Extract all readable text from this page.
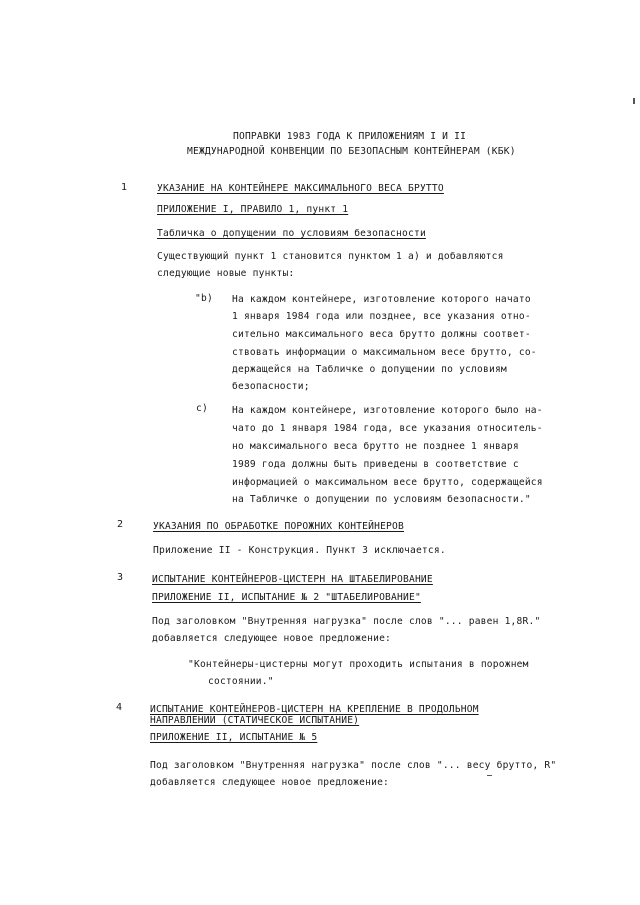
ПОПРАВКИ 1983 ГОДА К ПРИЛОЖЕНИЯМ I И II
МЕЖДУНАРОДНОЙ КОНВЕНЦИИ ПО БЕЗОПАСНЫМ КОНТЕЙНЕРАМ (КБК)
1	УКАЗАНИЕ НА КОНТЕЙНЕРЕ МАКСИМАЛЬНОГО ВЕСА БРУТТО
ПРИЛОЖЕНИЕ I, ПРАВИЛО 1, пункт 1
Табличка о допущении по условиям безопасности
Существующий пункт 1 становится пунктом 1 а) и добавляются
следующие новые пункты:
"b) На каждом контейнере, изготовление которого начато
1 января 1984 года или позднее, все указания отно-
сительно максимального веса брутто должны соответ-
ствовать информации о максимальном весе брутто, со-
держащейся на Табличке о допущении по условиям
безопасности;
c)	На каждом контейнере, изготовление которого было на-
чато до 1 января 1984 года, все указания относитель-
но максимального веса брутто не позднее 1 января
1989 года должны быть приведены в соответствие с
информацией о максимальном весе брутто, содержащейся
на Табличке о допущении по условиям безопасности."
2	УКАЗАНИЯ ПО ОБРАБОТКЕ ПОРОЖНИХ КОНТЕЙНЕРОВ
Приложение II - Конструкция. Пункт 3 исключается.
3	ИСПЫТАНИЕ КОНТЕЙНЕРОВ-ЦИСТЕРН НА ШТАБЕЛИРОВАНИЕ
ПРИЛОЖЕНИЕ II, ИСПЫТАНИЕ № 2 "ШТАБЕЛИРОВАНИЕ"
Под заголовком "Внутренняя нагрузка" после слов "... равен 1,8R."
добавляется следующее новое предложение:
"Контейнеры-цистерны могут проходить испытания в порожнем
состоянии."
4	ИСПЫТАНИЕ КОНТЕЙНЕРОВ-ЦИСТЕРН НА КРЕПЛЕНИЕ В ПРОДОЛЬНОМ
НАПРАВЛЕНИИ (СТАТИЧЕСКОЕ ИСПЫТАНИЕ)
ПРИЛОЖЕНИЕ II, ИСПЫТАНИЕ № 5
Под заголовком "Внутренняя нагрузка" после слов "... весу брутто, R"
добавляется следующее новое предложение:
